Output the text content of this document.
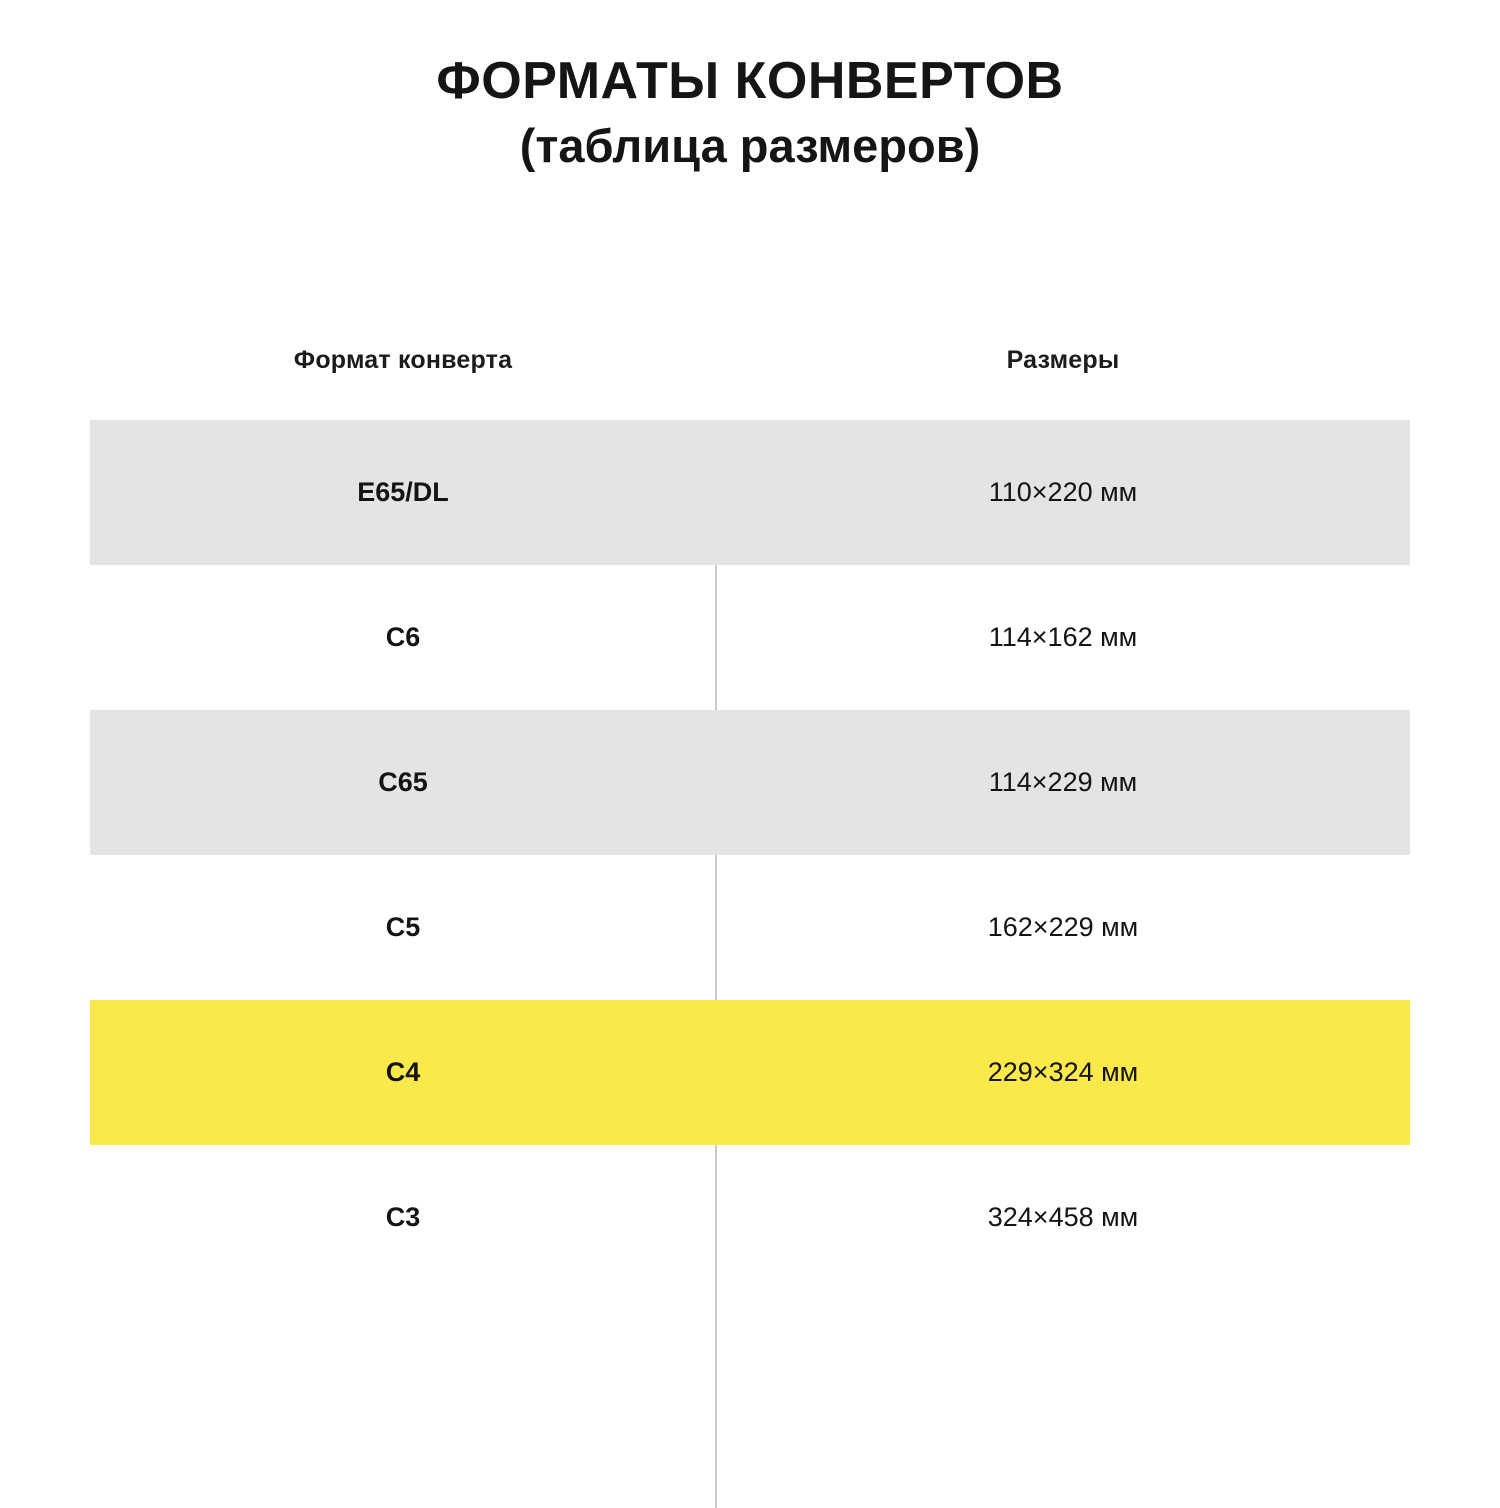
ФОРМАТЫ КОНВЕРТОВ
(таблица размеров)
Формат конверта	Размеры
E65/DL	110×220 мм
C6	114×162 мм
C65	114×229 мм
C5	162×229 мм
C4	229×324 мм
C3	324×458 мм
